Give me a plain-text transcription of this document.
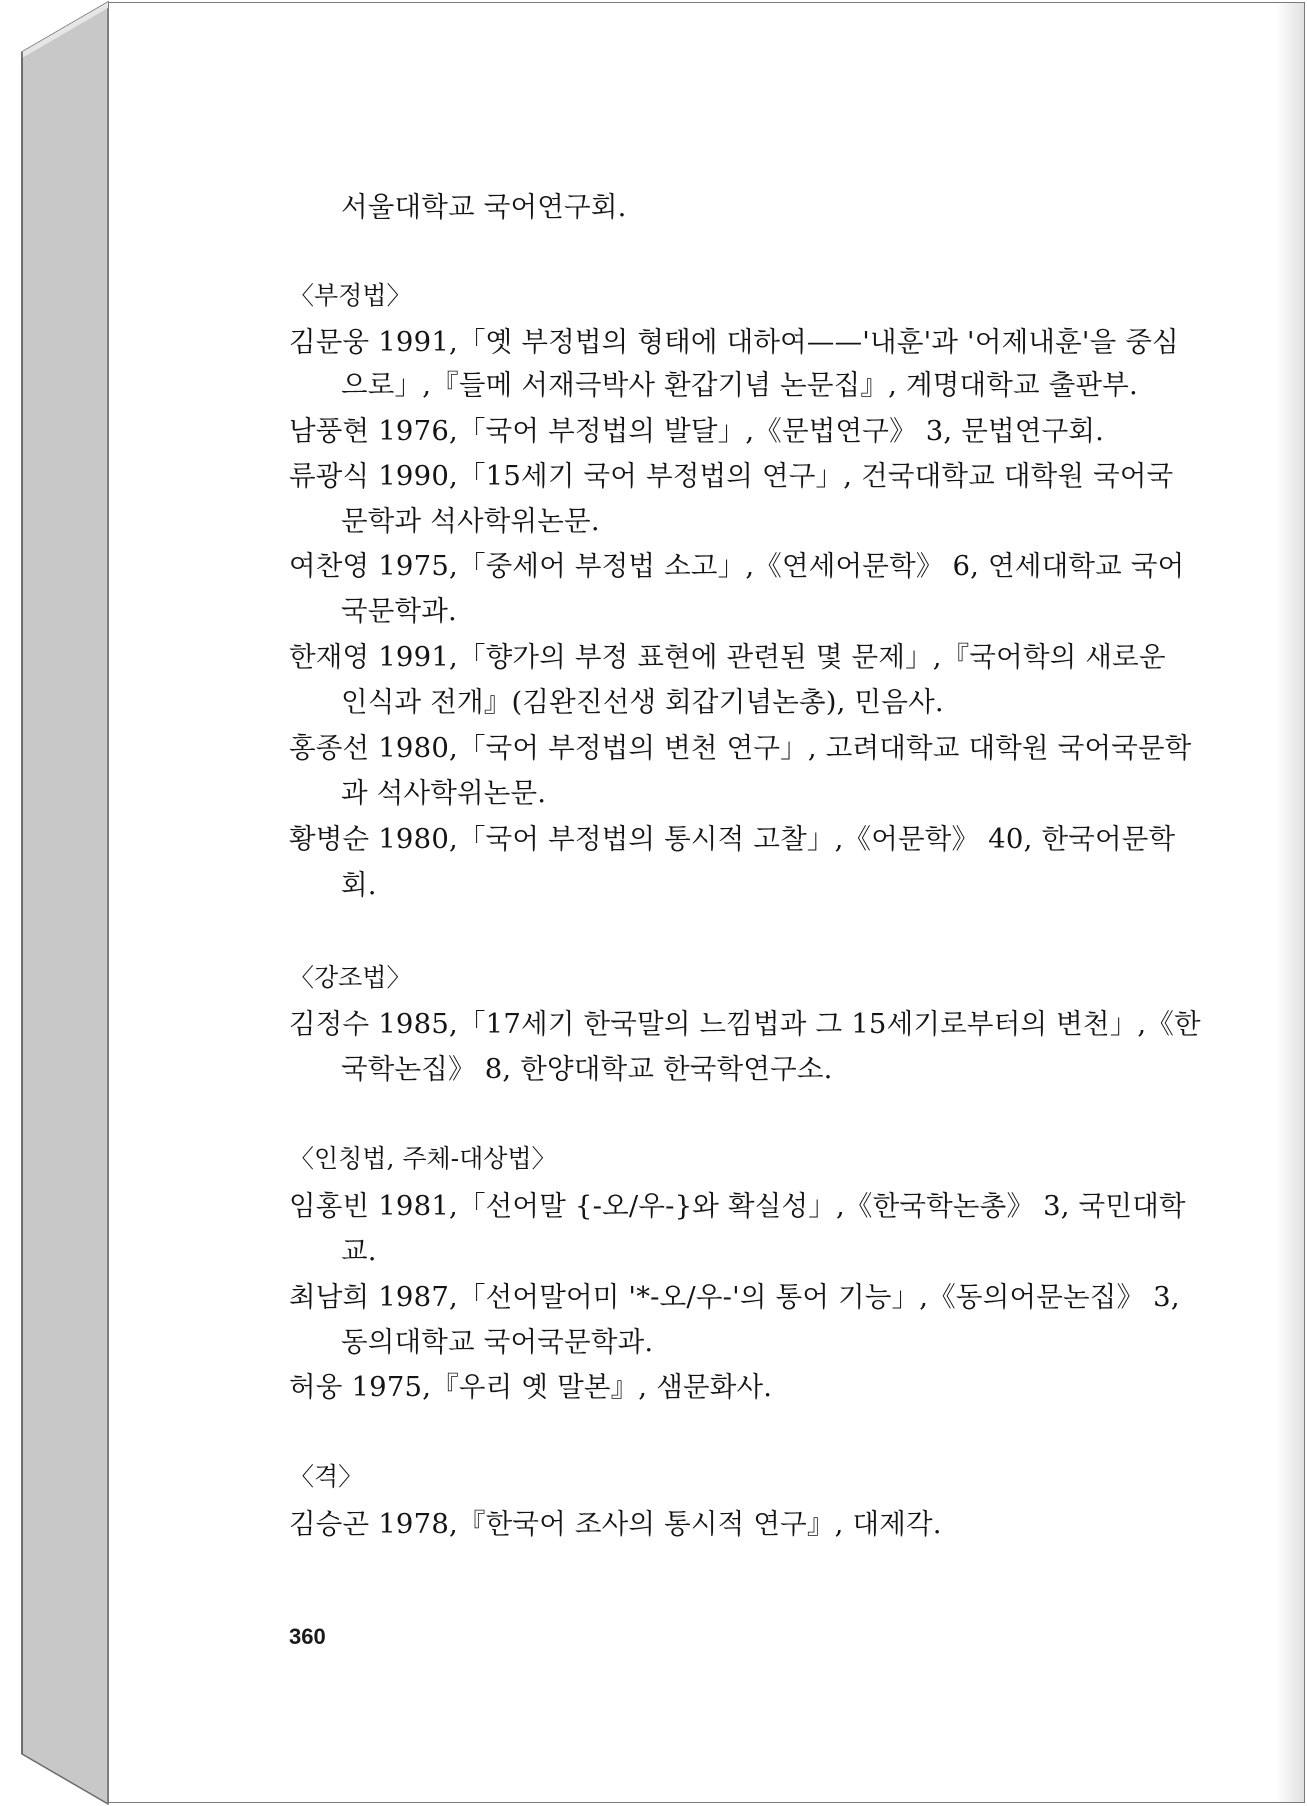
서울대학교 국어연구회.
〈부정법〉
김문웅 1991,「옛 부정법의 형태에 대하여——'내훈'과 '어제내훈'을 중심
으로」,『들메 서재극박사 환갑기념 논문집』, 계명대학교 출판부.
남풍현 1976,「국어 부정법의 발달」,《문법연구》 3, 문법연구회.
류광식 1990,「15세기 국어 부정법의 연구」, 건국대학교 대학원 국어국
문학과 석사학위논문.
여찬영 1975,「중세어 부정법 소고」,《연세어문학》 6, 연세대학교 국어
국문학과.
한재영 1991,「향가의 부정 표현에 관련된 몇 문제」,『국어학의 새로운
인식과 전개』(김완진선생 회갑기념논총), 민음사.
홍종선 1980,「국어 부정법의 변천 연구」, 고려대학교 대학원 국어국문학
과 석사학위논문.
황병순 1980,「국어 부정법의 통시적 고찰」,《어문학》 40, 한국어문학
회.
〈강조법〉
김정수 1985,「17세기 한국말의 느낌법과 그 15세기로부터의 변천」,《한
국학논집》 8, 한양대학교 한국학연구소.
〈인칭법, 주체-대상법〉
임홍빈 1981,「선어말 {-오/우-}와 확실성」,《한국학논총》 3, 국민대학
교.
최남희 1987,「선어말어미 '*-오/우-'의 통어 기능」,《동의어문논집》 3,
동의대학교 국어국문학과.
허웅 1975,『우리 옛 말본』, 샘문화사.
〈격〉
김승곤 1978,『한국어 조사의 통시적 연구』, 대제각.
360
